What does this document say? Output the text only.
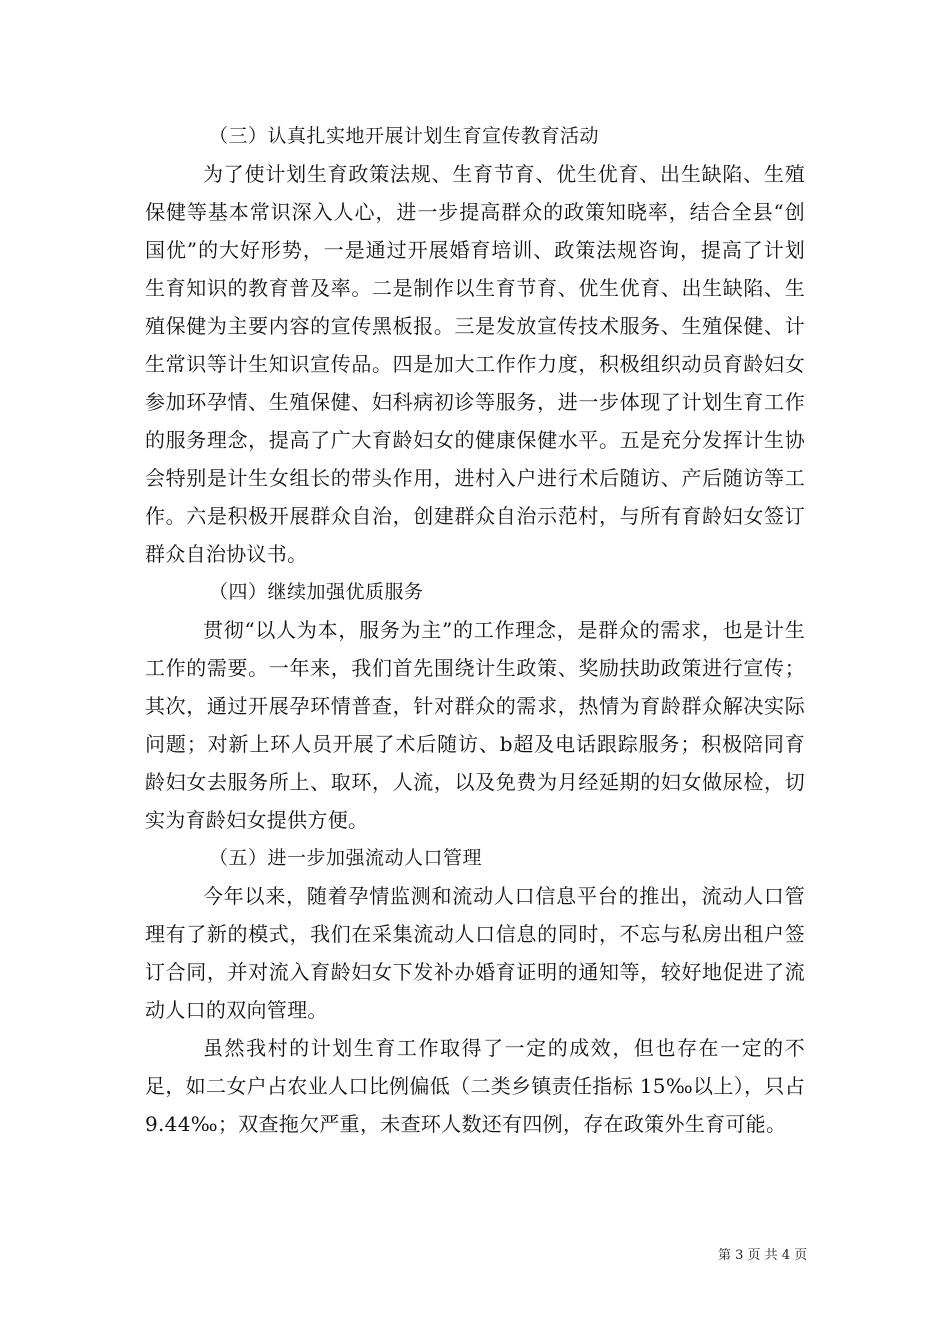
（三）认真扎实地开展计划生育宣传教育活动

为了使计划生育政策法规、生育节育、优生优育、出生缺陷、生殖保健等基本常识深入人心，进一步提高群众的政策知晓率，结合全县“创国优”的大好形势，一是通过开展婚育培训、政策法规咨询，提高了计划生育知识的教育普及率。二是制作以生育节育、优生优育、出生缺陷、生殖保健为主要内容的宣传黑板报。三是发放宣传技术服务、生殖保健、计生常识等计生知识宣传品。四是加大工作作力度，积极组织动员育龄妇女参加环孕情、生殖保健、妇科病初诊等服务，进一步体现了计划生育工作的服务理念，提高了广大育龄妇女的健康保健水平。五是充分发挥计生协会特别是计生女组长的带头作用，进村入户进行术后随访、产后随访等工作。六是积极开展群众自治，创建群众自治示范村，与所有育龄妇女签订群众自治协议书。

（四）继续加强优质服务

贯彻“以人为本，服务为主”的工作理念，是群众的需求，也是计生工作的需要。一年来，我们首先围绕计生政策、奖励扶助政策进行宣传；其次，通过开展孕环情普查，针对群众的需求，热情为育龄群众解决实际问题；对新上环人员开展了术后随访、b超及电话跟踪服务；积极陪同育龄妇女去服务所上、取环，人流，以及免费为月经延期的妇女做尿检，切实为育龄妇女提供方便。

（五）进一步加强流动人口管理

今年以来，随着孕情监测和流动人口信息平台的推出，流动人口管理有了新的模式，我们在采集流动人口信息的同时，不忘与私房出租户签订合同，并对流入育龄妇女下发补办婚育证明的通知等，较好地促进了流动人口的双向管理。

虽然我村的计划生育工作取得了一定的成效，但也存在一定的不足，如二女户占农业人口比例偏低（二类乡镇责任指标 15‰以上），只占9.44‰；双查拖欠严重，未查环人数还有四例，存在政策外生育可能。

第 3 页 共 4 页
